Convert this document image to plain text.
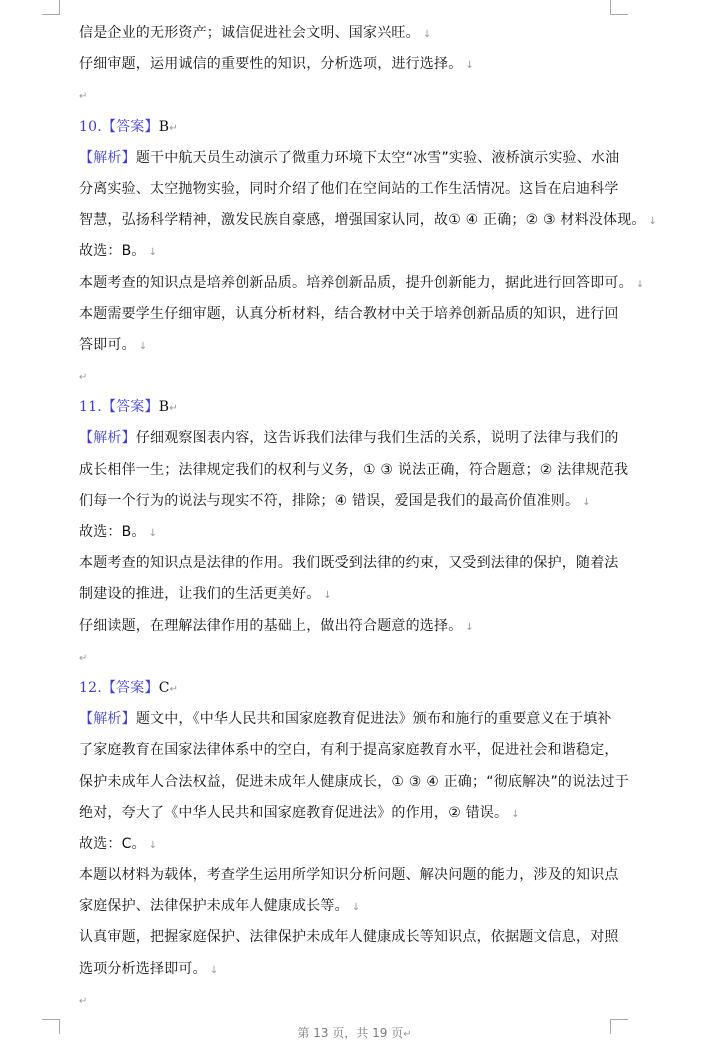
信是企业的无形资产；诚信促进社会文明、国家兴旺。 ↓
仔细审题，运用诚信的重要性的知识，分析选项，进行选择。 ↓
↵
10.【答案】B↵
【解析】题干中航天员生动演示了微重力环境下太空“冰雪”实验、液桥演示实验、水油
分离实验、太空抛物实验，同时介绍了他们在空间站的工作生活情况。这旨在启迪科学
智慧，弘扬科学精神，激发民族自豪感，增强国家认同，故① ④ 正确；② ③ 材料没体现。 ↓
故选：B。 ↓
本题考查的知识点是培养创新品质。培养创新品质，提升创新能力，据此进行回答即可。 ↓
本题需要学生仔细审题，认真分析材料，结合教材中关于培养创新品质的知识，进行回
答即可。 ↓
↵
11.【答案】B↵
【解析】仔细观察图表内容，这告诉我们法律与我们生活的关系，说明了法律与我们的
成长相伴一生；法律规定我们的权利与义务，① ③ 说法正确，符合题意；② 法律规范我
们每一个行为的说法与现实不符，排除；④ 错误，爱国是我们的最高价值准则。 ↓
故选：B。 ↓
本题考查的知识点是法律的作用。我们既受到法律的约束，又受到法律的保护，随着法
制建设的推进，让我们的生活更美好。 ↓
仔细读题，在理解法律作用的基础上，做出符合题意的选择。 ↓
↵
12.【答案】C↵
【解析】题文中，《中华人民共和国家庭教育促进法》颁布和施行的重要意义在于填补
了家庭教育在国家法律体系中的空白，有利于提高家庭教育水平，促进社会和谐稳定，
保护未成年人合法权益，促进未成年人健康成长，① ③ ④ 正确；“彻底解决”的说法过于
绝对，夸大了《中华人民共和国家庭教育促进法》的作用，② 错误。 ↓
故选：C。 ↓
本题以材料为载体，考查学生运用所学知识分析问题、解决问题的能力，涉及的知识点
家庭保护、法律保护未成年人健康成长等。 ↓
认真审题，把握家庭保护、法律保护未成年人健康成长等知识点，依据题文信息，对照
选项分析选择即可。 ↓
↵
第 13 页，共 19 页↵
